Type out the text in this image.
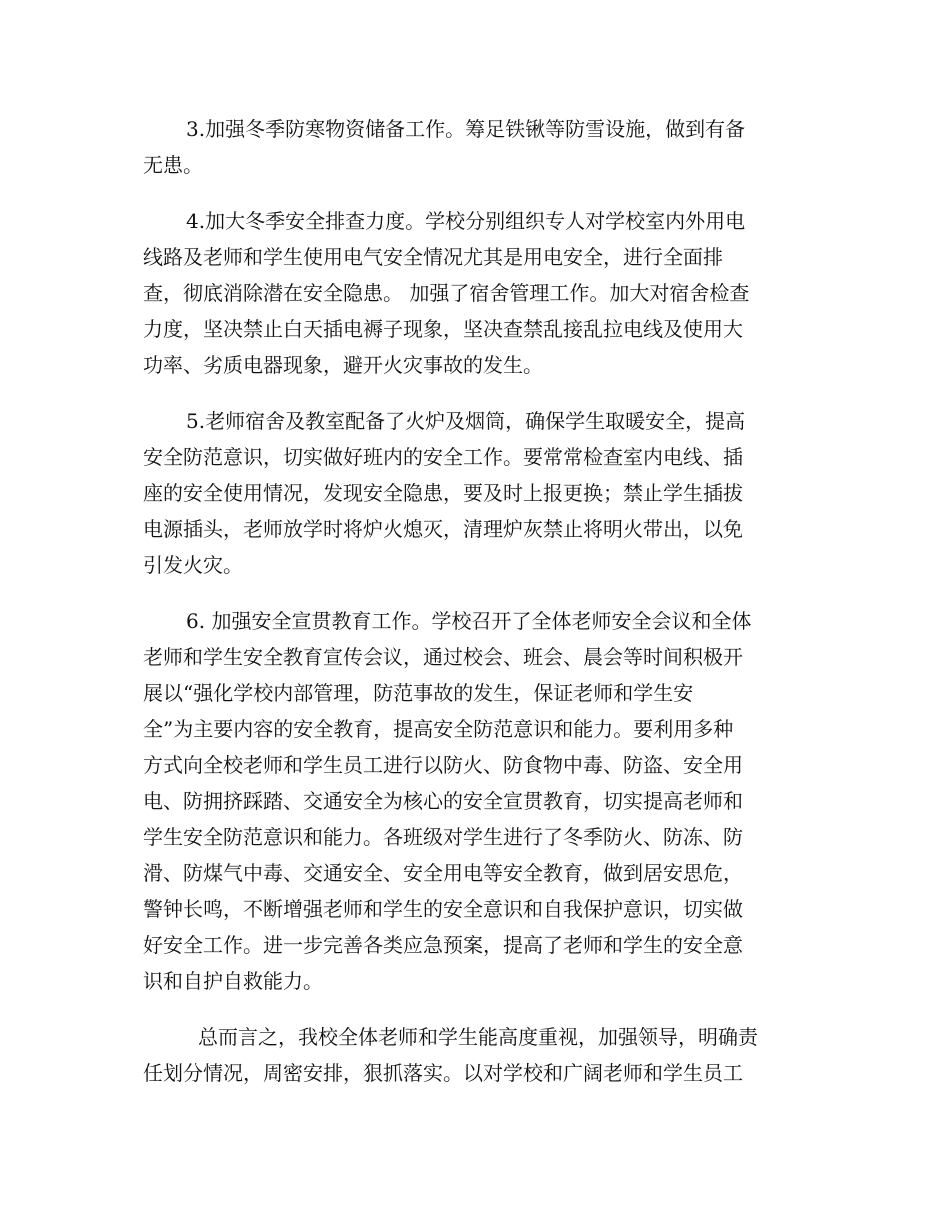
3.加强冬季防寒物资储备工作。筹足铁锹等防雪设施，做到有备

无患。

4.加大冬季安全排查力度。学校分别组织专人对学校室内外用电

线路及老师和学生使用电气安全情况尤其是用电安全，进行全面排

查，彻底消除潜在安全隐患。 加强了宿舍管理工作。加大对宿舍检查

力度，坚决禁止白天插电褥子现象，坚决查禁乱接乱拉电线及使用大

功率、劣质电器现象，避开火灾事故的发生。

5.老师宿舍及教室配备了火炉及烟筒，确保学生取暖安全，提高

安全防范意识，切实做好班内的安全工作。要常常检查室内电线、插

座的安全使用情况，发现安全隐患，要及时上报更换；禁止学生插拔

电源插头，老师放学时将炉火熄灭，清理炉灰禁止将明火带出，以免

引发火灾。

6. 加强安全宣贯教育工作。学校召开了全体老师安全会议和全体

老师和学生安全教育宣传会议，通过校会、班会、晨会等时间积极开

展以“强化学校内部管理，防范事故的发生，保证老师和学生安

全”为主要内容的安全教育，提高安全防范意识和能力。要利用多种

方式向全校老师和学生员工进行以防火、防食物中毒、防盗、安全用

电、防拥挤踩踏、交通安全为核心的安全宣贯教育，切实提高老师和

学生安全防范意识和能力。各班级对学生进行了冬季防火、防冻、防

滑、防煤气中毒、交通安全、安全用电等安全教育，做到居安思危，

警钟长鸣，不断增强老师和学生的安全意识和自我保护意识，切实做

好安全工作。进一步完善各类应急预案，提高了老师和学生的安全意

识和自护自救能力。

总而言之，我校全体老师和学生能高度重视，加强领导，明确责

任划分情况，周密安排，狠抓落实。以对学校和广阔老师和学生员工
